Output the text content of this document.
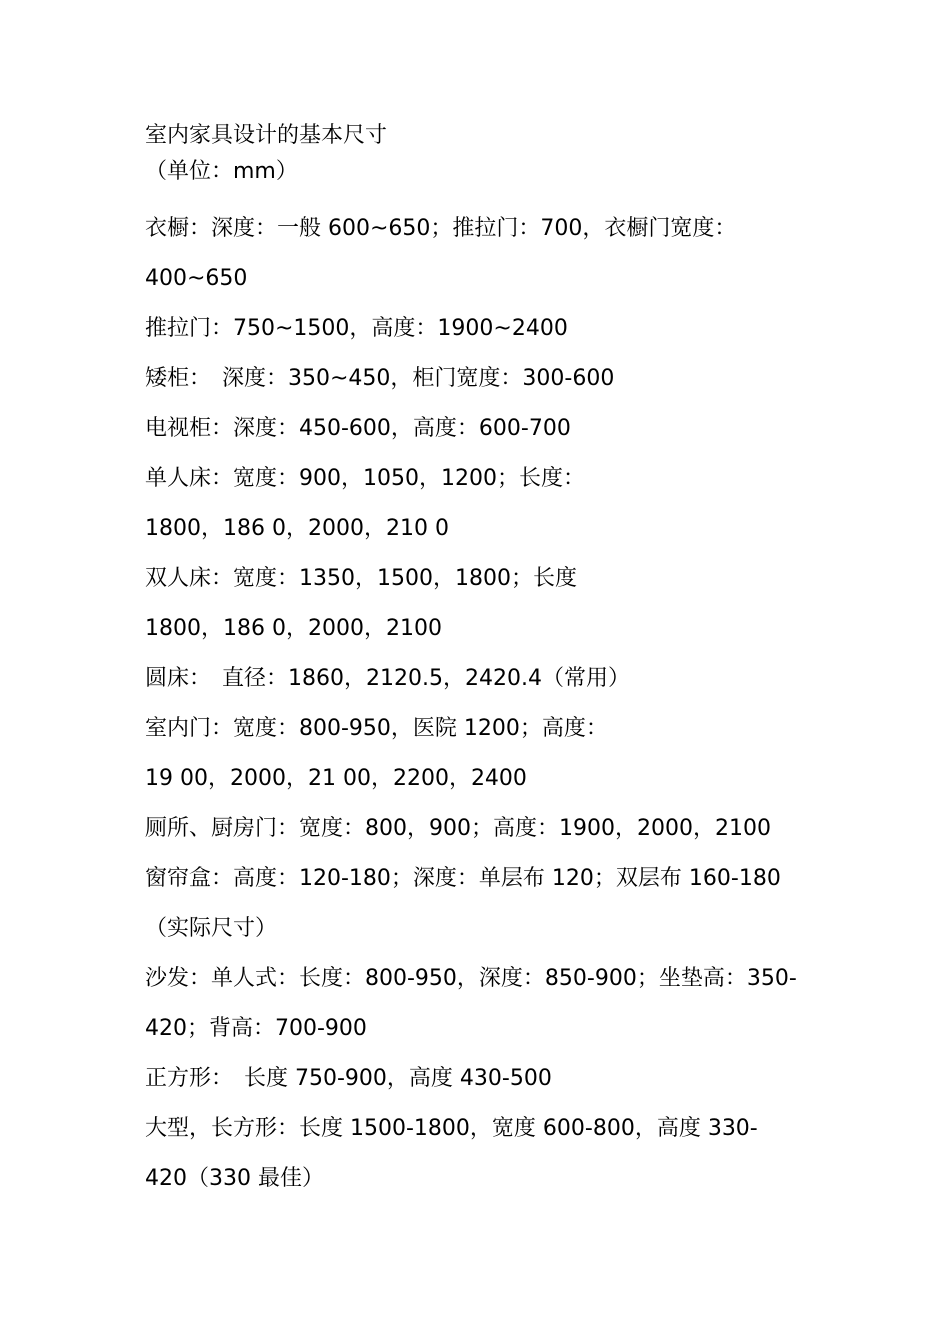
室内家具设计的基本尺寸
（单位：mm）
衣橱：深度：一般 600~650；推拉门：700，衣橱门宽度：
400~650
推拉门：750~1500，高度：1900~2400
矮柜：　深度：350~450，柜门宽度：300-600
电视柜：深度：450-600，高度：600-700
单人床：宽度：900，1050，1200；长度：
1800，186 0，2000，210 0
双人床：宽度：1350，1500，1800；长度
1800，186 0，2000，2100
圆床：　直径：1860，2120.5，2420.4（常用）
室内门：宽度：800-950，医院 1200；高度：
19 00，2000，21 00，2200，2400
厕所、厨房门：宽度：800，900；高度：1900，2000，2100
窗帘盒：高度：120-180；深度：单层布 120；双层布 160-180
（实际尺寸）
沙发：单人式：长度：800-950，深度：850-900；坐垫高：350-
420；背高：700-900
正方形：　长度 750-900，高度 430-500
大型，长方形：长度 1500-1800，宽度 600-800，高度 330-
420（330 最佳）
